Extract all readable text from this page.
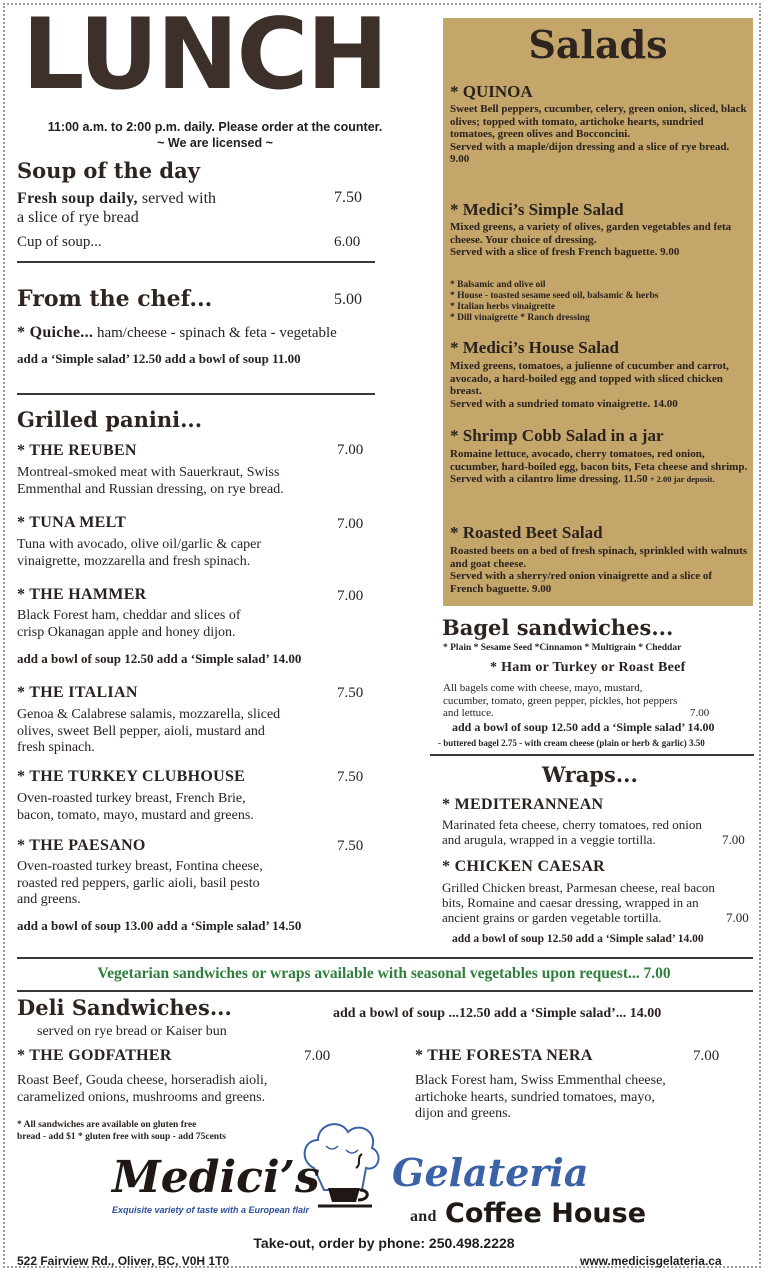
LUNCH
11:00 a.m. to 2:00 p.m. daily. Please order at the counter.
~ We are licensed ~
Soup of the day
Fresh soup daily, served with
a slice of rye bread
7.50
Cup of soup...	6.00
From the chef...	5.00
* Quiche... ham/cheese - spinach & feta - vegetable
add a ‘Simple salad’ 12.50 add a bowl of soup 11.00
Grilled panini...
* THE REUBEN	7.00
Montreal-smoked meat with Sauerkraut, Swiss
Emmenthal and Russian dressing, on rye bread.
* TUNA MELT	7.00
Tuna with avocado, olive oil/garlic & caper
vinaigrette, mozzarella and fresh spinach.
* THE HAMMER	7.00
Black Forest ham, cheddar and slices of
crisp Okanagan apple and honey dijon.
add a bowl of soup 12.50 add a ‘Simple salad’ 14.00
* THE ITALIAN	7.50
Genoa & Calabrese salamis, mozzarella, sliced
olives, sweet Bell pepper, aioli, mustard and
fresh spinach.
* THE TURKEY CLUBHOUSE	7.50
Oven-roasted turkey breast, French Brie,
bacon, tomato, mayo, mustard and greens.
* THE PAESANO	7.50
Oven-roasted turkey breast, Fontina cheese,
roasted red peppers, garlic aioli, basil pesto
and greens.
add a bowl of soup 13.00 add a ‘Simple salad’ 14.50
Salads
* QUINOA
Sweet Bell peppers, cucumber, celery, green onion, sliced, black olives; topped with tomato, artichoke hearts, sundried tomatoes, green olives and Bocconcini.
Served with a maple/dijon dressing and a slice of rye bread. 9.00
* Medici’s Simple Salad
Mixed greens, a variety of olives, garden vegetables and feta cheese. Your choice of dressing.
Served with a slice of fresh French baguette. 9.00
* Balsamic and olive oil
* House - toasted sesame seed oil, balsamic & herbs
* Italian herbs vinaigrette
* Dill vinaigrette * Ranch dressing
* Medici’s House Salad
Mixed greens, tomatoes, a julienne of cucumber and carrot, avocado, a hard-boiled egg and topped with sliced chicken breast.
Served with a sundried tomato vinaigrette. 14.00
* Shrimp Cobb Salad in a jar
Romaine lettuce, avocado, cherry tomatoes, red onion, cucumber, hard-boiled egg, bacon bits, Feta cheese and shrimp.
Served with a cilantro lime dressing. 11.50 + 2.00 jar deposit.
* Roasted Beet Salad
Roasted beets on a bed of fresh spinach, sprinkled with walnuts and goat cheese.
Served with a sherry/red onion vinaigrette and a slice of French baguette. 9.00
Bagel sandwiches...
* Plain * Sesame Seed *Cinnamon * Multigrain * Cheddar
* Ham or Turkey or Roast Beef
All bagels come with cheese, mayo, mustard,
cucumber, tomato, green pepper, pickles, hot peppers
and lettuce.	7.00
add a bowl of soup 12.50 add a ‘Simple salad’ 14.00
- buttered bagel 2.75 - with cream cheese (plain or herb & garlic) 3.50
Wraps...
* MEDITERANNEAN
Marinated feta cheese, cherry tomatoes, red onion
and arugula, wrapped in a veggie tortilla.	7.00
* CHICKEN CAESAR
Grilled Chicken breast, Parmesan cheese, real bacon
bits, Romaine and caesar dressing, wrapped in an
ancient grains or garden vegetable tortilla.	7.00
add a bowl of soup 12.50 add a ‘Simple salad’ 14.00
Vegetarian sandwiches or wraps available with seasonal vegetables upon request... 7.00
Deli Sandwiches...
served on rye bread or Kaiser bun
add a bowl of soup ...12.50 add a ‘Simple salad’... 14.00
* THE GODFATHER	7.00
Roast Beef, Gouda cheese, horseradish aioli,
caramelized onions, mushrooms and greens.
* THE FORESTA NERA	7.00
Black Forest ham, Swiss Emmenthal cheese,
artichoke hearts, sundried tomatoes, mayo,
dijon and greens.
* All sandwiches are available on gluten free
bread - add $1 * gluten free with soup - add 75cents
Medici’s Gelateria
and Coffee House
Exquisite variety of taste with a European flair
Take-out, order by phone: 250.498.2228
522 Fairview Rd., Oliver, BC, V0H 1T0	www.medicisgelateria.ca
